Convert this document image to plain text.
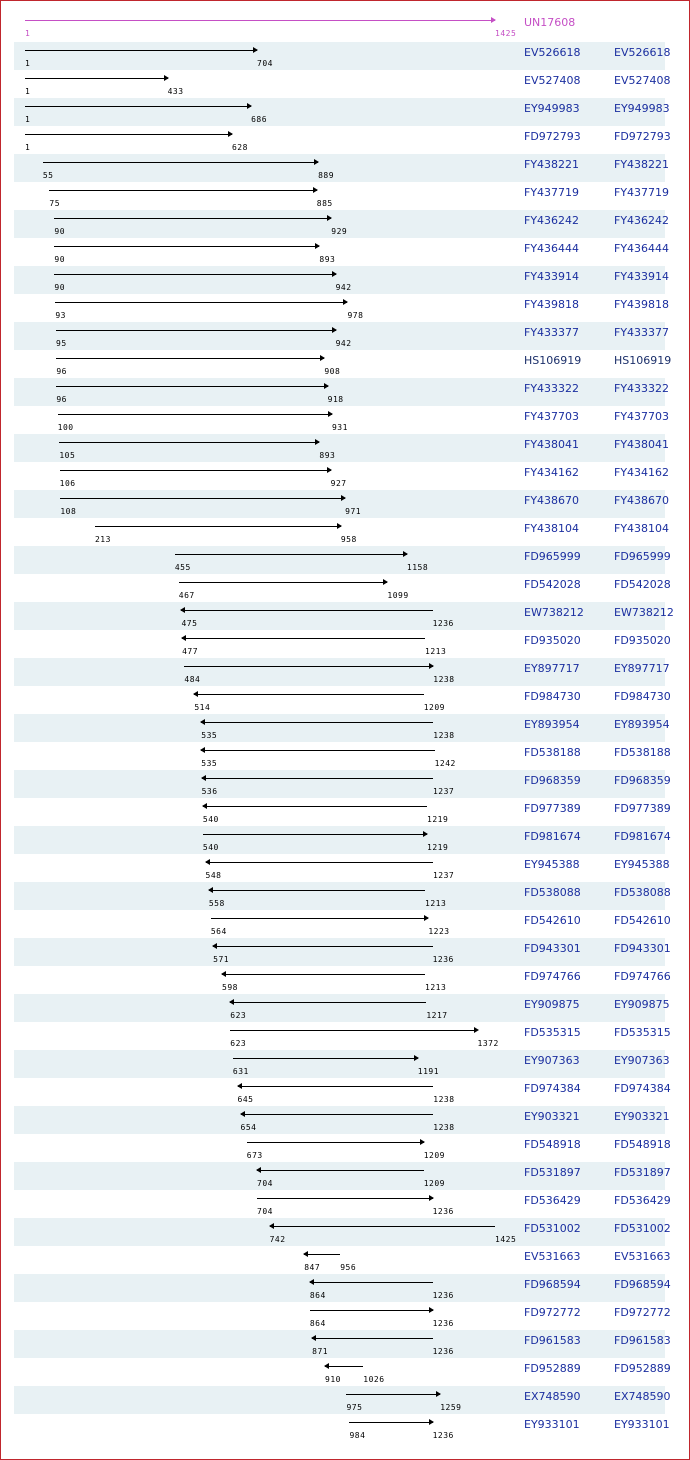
1	1425
UN17608
1	704
EV526618	EV526618
1	433
EV527408	EV527408
1	686
EY949983	EY949983
1	628
FD972793	FD972793
55	889
FY438221	FY438221
75	885
FY437719	FY437719
90	929
FY436242	FY436242
90	893
FY436444	FY436444
90	942
FY433914	FY433914
93	978
FY439818	FY439818
95	942
FY433377	FY433377
96	908
HS106919	HS106919
96	918
FY433322	FY433322
100	931
FY437703	FY437703
105	893
FY438041	FY438041
106	927
FY434162	FY434162
108	971
FY438670	FY438670
213	958
FY438104	FY438104
455	1158
FD965999	FD965999
467	1099
FD542028	FD542028
475	1236
EW738212	EW738212
477	1213
FD935020	FD935020
484	1238
EY897717	EY897717
514	1209
FD984730	FD984730
535	1238
EY893954	EY893954
535	1242
FD538188	FD538188
536	1237
FD968359	FD968359
540	1219
FD977389	FD977389
540	1219
FD981674	FD981674
548	1237
EY945388	EY945388
558	1213
FD538088	FD538088
564	1223
FD542610	FD542610
571	1236
FD943301	FD943301
598	1213
FD974766	FD974766
623	1217
EY909875	EY909875
623	1372
FD535315	FD535315
631	1191
EY907363	EY907363
645	1238
FD974384	FD974384
654	1238
EY903321	EY903321
673	1209
FD548918	FD548918
704	1209
FD531897	FD531897
704	1236
FD536429	FD536429
742	1425
FD531002	FD531002
847	956
EV531663	EV531663
864	1236
FD968594	FD968594
864	1236
FD972772	FD972772
871	1236
FD961583	FD961583
910	1026
FD952889	FD952889
975	1259
EX748590	EX748590
984	1236
EY933101	EY933101
